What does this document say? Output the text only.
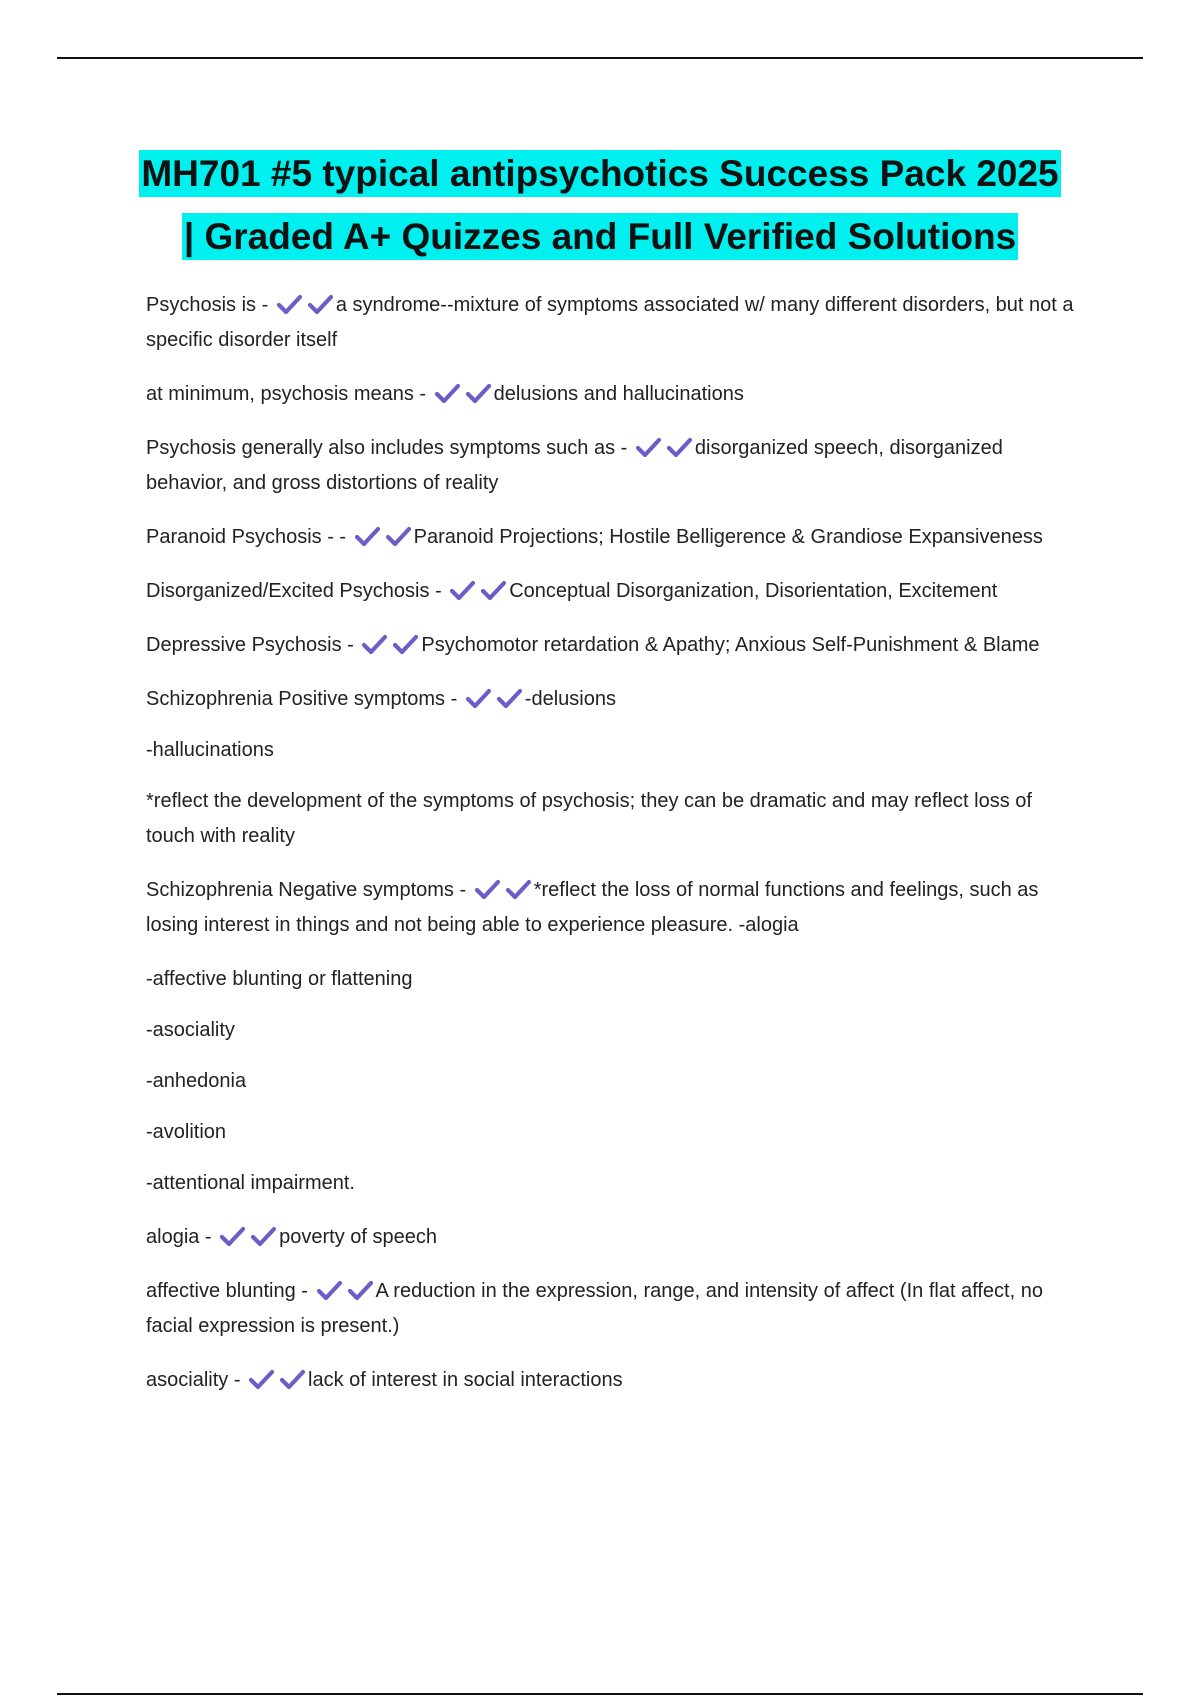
MH701 #5 typical antipsychotics Success Pack 2025
| Graded A+ Quizzes and Full Verified Solutions

Psychosis is -	a syndrome--mixture of symptoms associated w/ many different disorders, but not a specific disorder itself

at minimum, psychosis means -	delusions and hallucinations

Psychosis generally also includes symptoms such as -	disorganized speech, disorganized behavior, and gross distortions of reality

Paranoid Psychosis - -	Paranoid Projections; Hostile Belligerence & Grandiose Expansiveness

Disorganized/Excited Psychosis -	Conceptual Disorganization, Disorientation, Excitement

Depressive Psychosis -	Psychomotor retardation & Apathy; Anxious Self-Punishment & Blame

Schizophrenia Positive symptoms -	-delusions

-hallucinations

*reflect the development of the symptoms of psychosis; they can be dramatic and may reflect loss of touch with reality

Schizophrenia Negative symptoms -	*reflect the loss of normal functions and feelings, such as losing interest in things and not being able to experience pleasure. -alogia

-affective blunting or flattening

-asociality

-anhedonia

-avolition

-attentional impairment.

alogia -	poverty of speech

affective blunting -	A reduction in the expression, range, and intensity of affect (In flat affect, no facial expression is present.)

asociality -	lack of interest in social interactions
